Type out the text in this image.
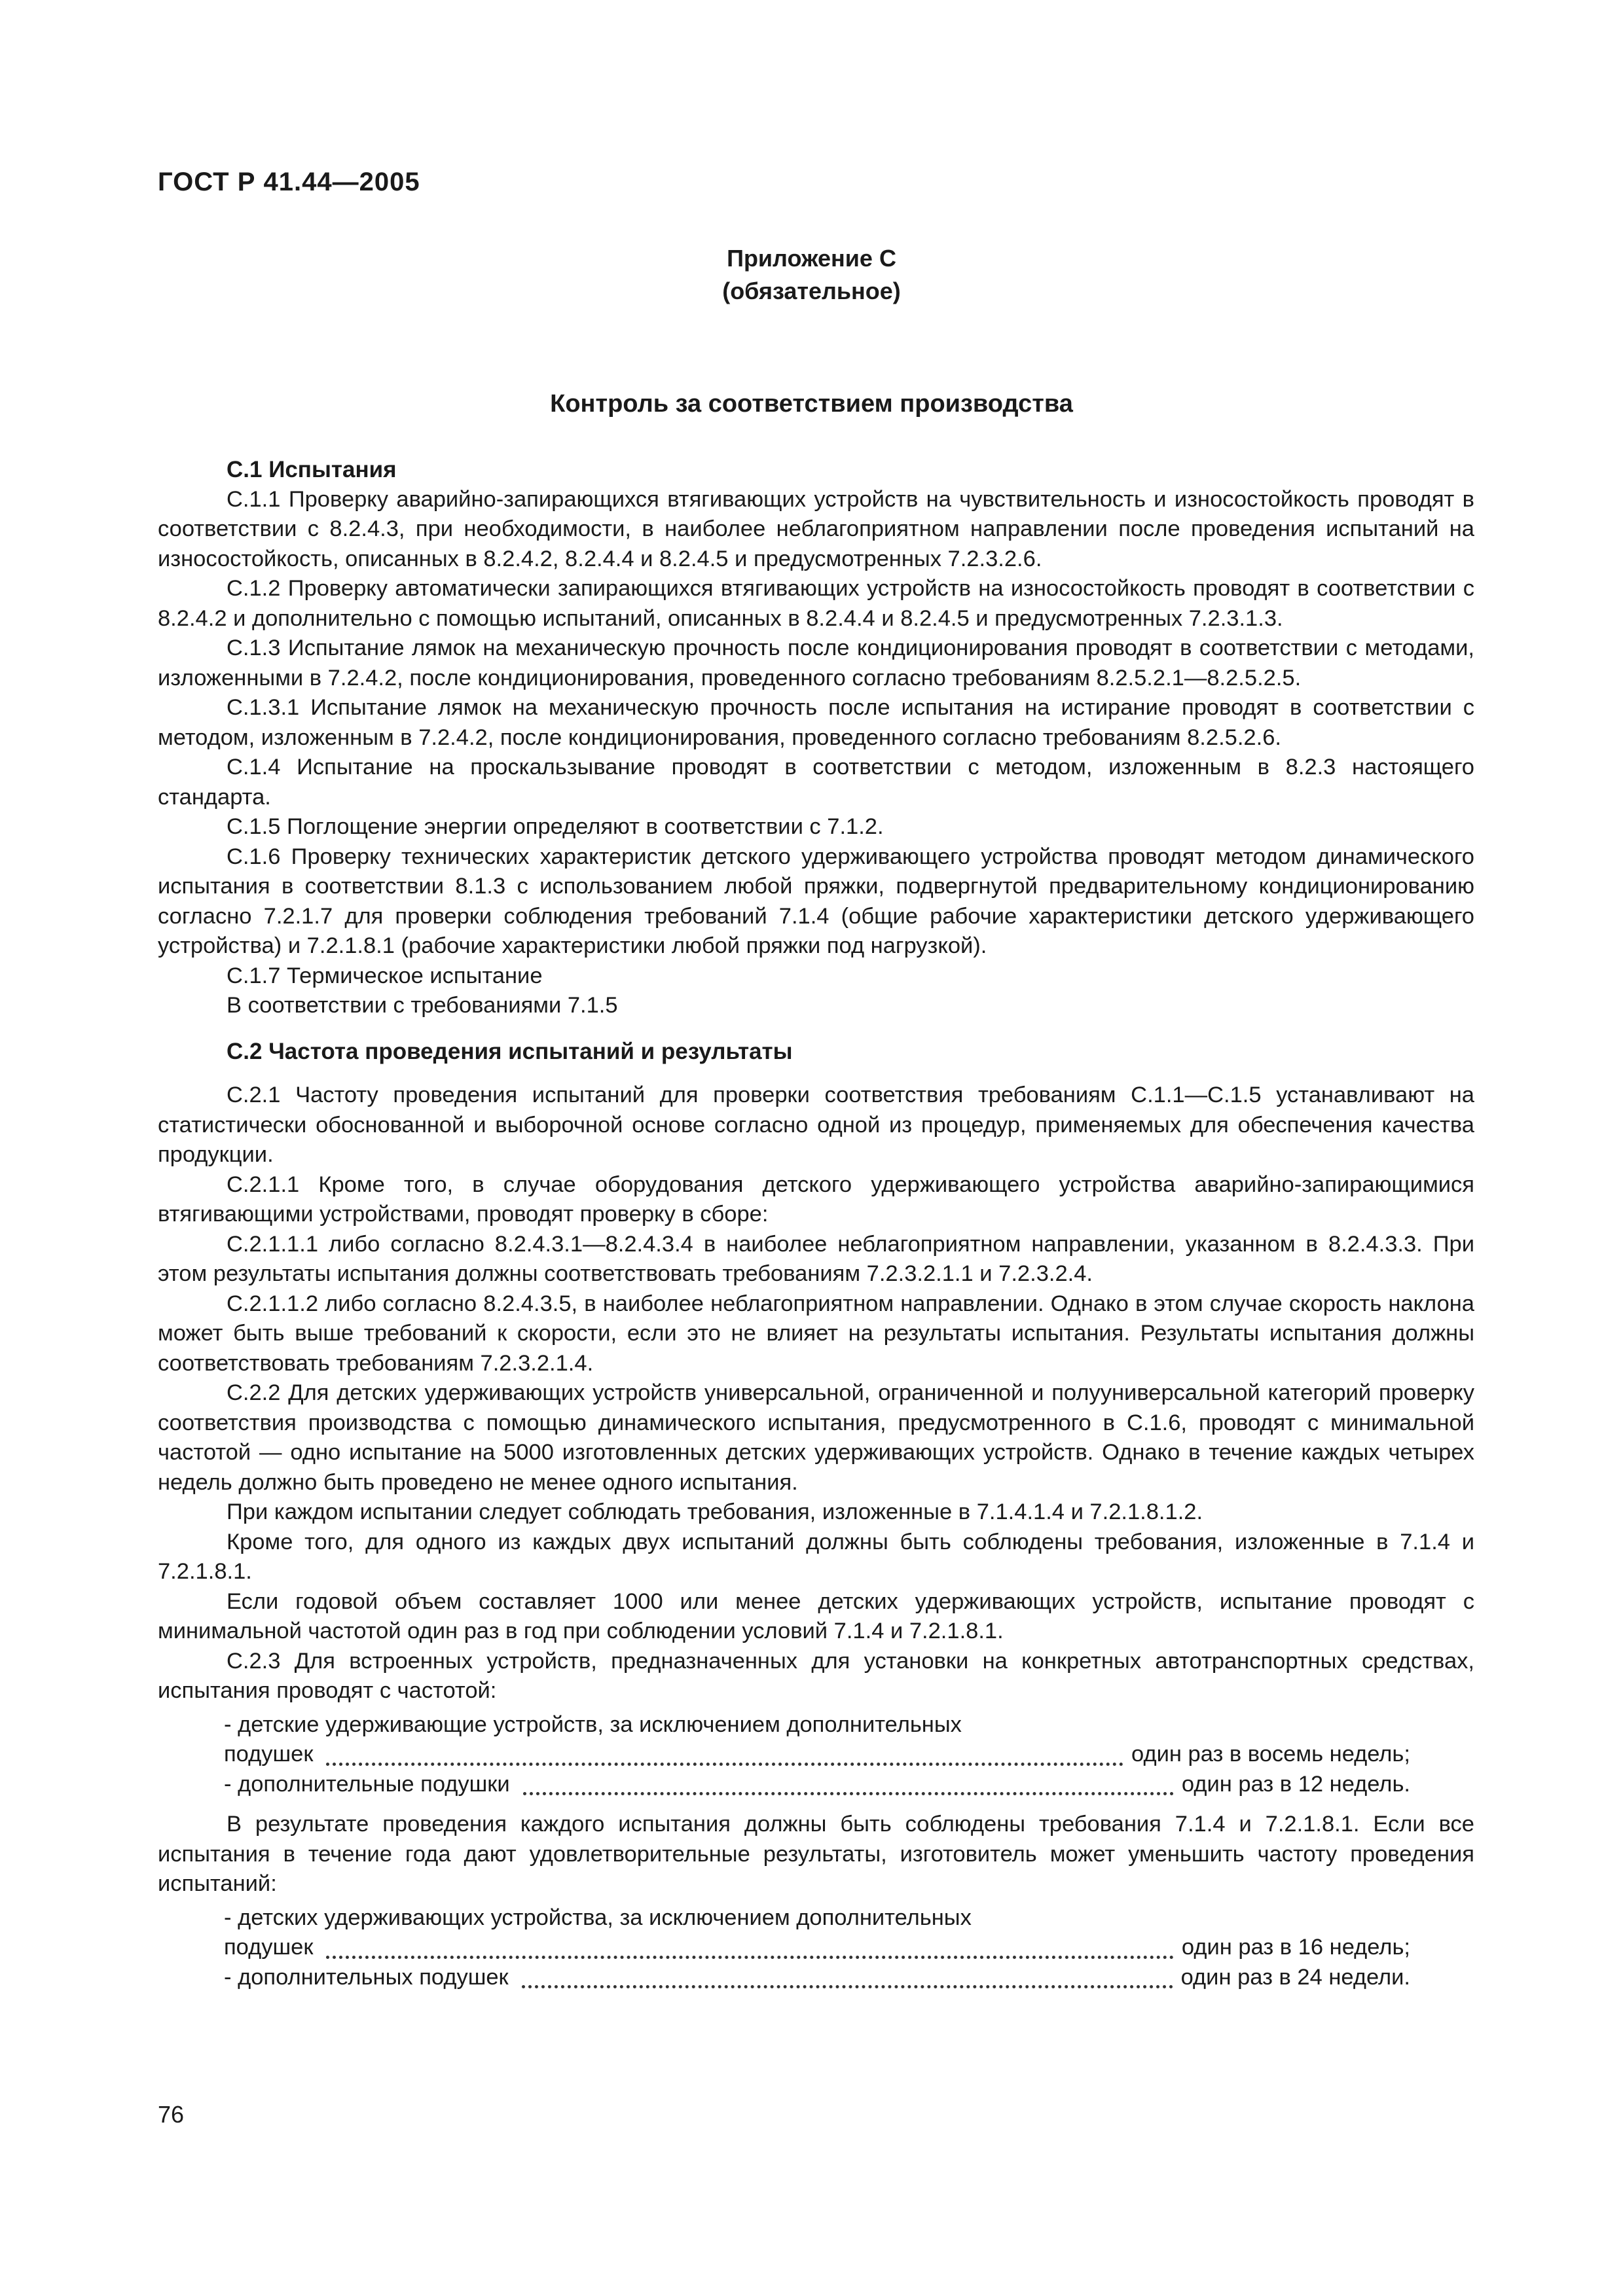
ГОСТ Р 41.44—2005
Приложение С
(обязательное)
Контроль за соответствием производства
С.1 Испытания

С.1.1 Проверку аварийно-запирающихся втягивающих устройств на чувствительность и износостойкость проводят в соответствии с 8.2.4.3, при необходимости, в наиболее неблагоприятном направлении после проведения испытаний на износостойкость, описанных в 8.2.4.2, 8.2.4.4 и 8.2.4.5 и предусмотренных 7.2.3.2.6.

С.1.2 Проверку автоматически запирающихся втягивающих устройств на износостойкость проводят в соответствии с 8.2.4.2 и дополнительно с помощью испытаний, описанных в 8.2.4.4 и 8.2.4.5 и предусмотренных 7.2.3.1.3.

С.1.3 Испытание лямок на механическую прочность после кондиционирования проводят в соответствии с методами, изложенными в 7.2.4.2, после кондиционирования, проведенного согласно требованиям 8.2.5.2.1—8.2.5.2.5.

С.1.3.1 Испытание лямок на механическую прочность после испытания на истирание проводят в соответствии с методом, изложенным в 7.2.4.2, после кондиционирования, проведенного согласно требованиям 8.2.5.2.6.

С.1.4 Испытание на проскальзывание проводят в соответствии с методом, изложенным в 8.2.3 настоящего стандарта.

С.1.5 Поглощение энергии определяют в соответствии с 7.1.2.

С.1.6 Проверку технических характеристик детского удерживающего устройства проводят методом динамического испытания в соответствии 8.1.3 с использованием любой пряжки, подвергнутой предварительному кондиционированию согласно 7.2.1.7 для проверки соблюдения требований 7.1.4 (общие рабочие характеристики детского удерживающего устройства) и 7.2.1.8.1 (рабочие характеристики любой пряжки под нагрузкой).

С.1.7 Термическое испытание

В соответствии с требованиями 7.1.5

С.2 Частота проведения испытаний и результаты

С.2.1 Частоту проведения испытаний для проверки соответствия требованиям С.1.1—С.1.5 устанавливают на статистически обоснованной и выборочной основе согласно одной из процедур, применяемых для обеспечения качества продукции.

С.2.1.1 Кроме того, в случае оборудования детского удерживающего устройства аварийно-запирающимися втягивающими устройствами, проводят проверку в сборе:

С.2.1.1.1 либо согласно 8.2.4.3.1—8.2.4.3.4 в наиболее неблагоприятном направлении, указанном в 8.2.4.3.3. При этом результаты испытания должны соответствовать требованиям 7.2.3.2.1.1 и 7.2.3.2.4.

С.2.1.1.2 либо согласно 8.2.4.3.5, в наиболее неблагоприятном направлении. Однако в этом случае скорость наклона может быть выше требований к скорости, если это не влияет на результаты испытания. Результаты испытания должны соответствовать требованиям 7.2.3.2.1.4.

С.2.2 Для детских удерживающих устройств универсальной, ограниченной и полууниверсальной категорий проверку соответствия производства с помощью динамического испытания, предусмотренного в С.1.6, проводят с минимальной частотой — одно испытание на 5000 изготовленных детских удерживающих устройств. Однако в течение каждых четырех недель должно быть проведено не менее одного испытания.

При каждом испытании следует соблюдать требования, изложенные в 7.1.4.1.4 и 7.2.1.8.1.2.

Кроме того, для одного из каждых двух испытаний должны быть соблюдены требования, изложенные в 7.1.4 и 7.2.1.8.1.

Если годовой объем составляет 1000 или менее детских удерживающих устройств, испытание проводят с минимальной частотой один раз в год при соблюдении условий 7.1.4 и 7.2.1.8.1.

С.2.3 Для встроенных устройств, предназначенных для установки на конкретных автотранспортных средствах, испытания проводят с частотой:

- детские удерживающие устройств, за исключением дополнительных
подушек	один раз в восемь недель;
- дополнительные подушки	один раз в 12 недель.

В результате проведения каждого испытания должны быть соблюдены требования 7.1.4 и 7.2.1.8.1. Если все испытания в течение года дают удовлетворительные результаты, изготовитель может уменьшить частоту проведения испытаний:

- детских удерживающих устройства, за исключением дополнительных
подушек	один раз в 16 недель;
- дополнительных подушек	один раз в 24 недели.
76
